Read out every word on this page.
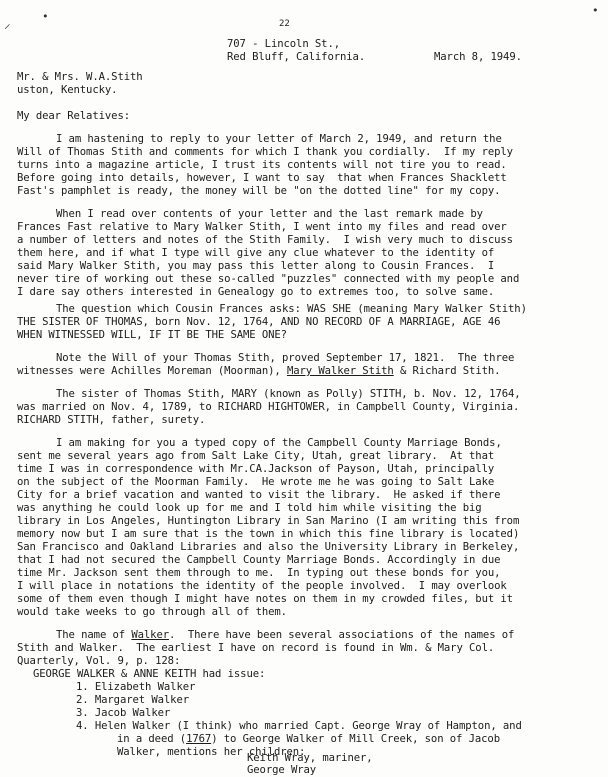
⸝
•	•
22
707 - Lincoln St.,
Red Bluff, California.	March 8, 1949.
Mr. & Mrs. W.A.Stith
uston, Kentucky.
My dear Relatives:
I am hastening to reply to your letter of March 2, 1949, and return the
Will of Thomas Stith and comments for which I thank you cordially.  If my reply
turns into a magazine article, I trust its contents will not tire you to read.
Before going into details, however, I want to say  that when Frances Shacklett
Fast's pamphlet is ready, the money will be "on the dotted line" for my copy.
When I read over contents of your letter and the last remark made by
Frances Fast relative to Mary Walker Stith, I went into my files and read over
a number of letters and notes of the Stith Family.  I wish very much to discuss
them here, and if what I type will give any clue whatever to the identity of
said Mary Walker Stith, you may pass this letter along to Cousin Frances.  I
never tire of working out these so-called "puzzles" connected with my people and
I dare say others interested in Genealogy go to extremes too, to solve same.
The question which Cousin Frances asks: WAS SHE (meaning Mary Walker Stith)
THE SISTER OF THOMAS, born Nov. 12, 1764, AND NO RECORD OF A MARRIAGE, AGE 46
WHEN WITNESSED WILL, IF IT BE THE SAME ONE?
Note the Will of your Thomas Stith, proved September 17, 1821.  The three
witnesses were Achilles Moreman (Moorman), Mary Walker Stith & Richard Stith.
The sister of Thomas Stith, MARY (known as Polly) STITH, b. Nov. 12, 1764,
was married on Nov. 4, 1789, to RICHARD HIGHTOWER, in Campbell County, Virginia.
RICHARD STITH, father, surety.
I am making for you a typed copy of the Campbell County Marriage Bonds,
sent me several years ago from Salt Lake City, Utah, great library.  At that
time I was in correspondence with Mr.CA.Jackson of Payson, Utah, principally
on the subject of the Moorman Family.  He wrote me he was going to Salt Lake
City for a brief vacation and wanted to visit the library.  He asked if there
was anything he could look up for me and I told him while visiting the big
library in Los Angeles, Huntington Library in San Marino (I am writing this from
memory now but I am sure that is the town in which this fine library is located)
San Francisco and Oakland Libraries and also the University Library in Berkeley,
that I had not secured the Campbell County Marriage Bonds. Accordingly in due
time Mr. Jackson sent them through to me.  In typing out these bonds for you,
I will place in notations the identity of the people involved.  I may overlook
some of them even though I might have notes on them in my crowded files, but it
would take weeks to go through all of them.
The name of Walker.  There have been several associations of the names of
Stith and Walker.  The earliest I have on record is found in Wm. & Mary Col.
Quarterly, Vol. 9, p. 128:
GEORGE WALKER & ANNE KEITH had issue:
1. Elizabeth Walker
2. Margaret Walker
3. Jacob Walker
4. Helen Walker (I think) who married Capt. George Wray of Hampton, and
in a deed (1767) to George Walker of Mill Creek, son of Jacob
Walker, mentions her children:
Keith Wray, mariner,
George Wray
